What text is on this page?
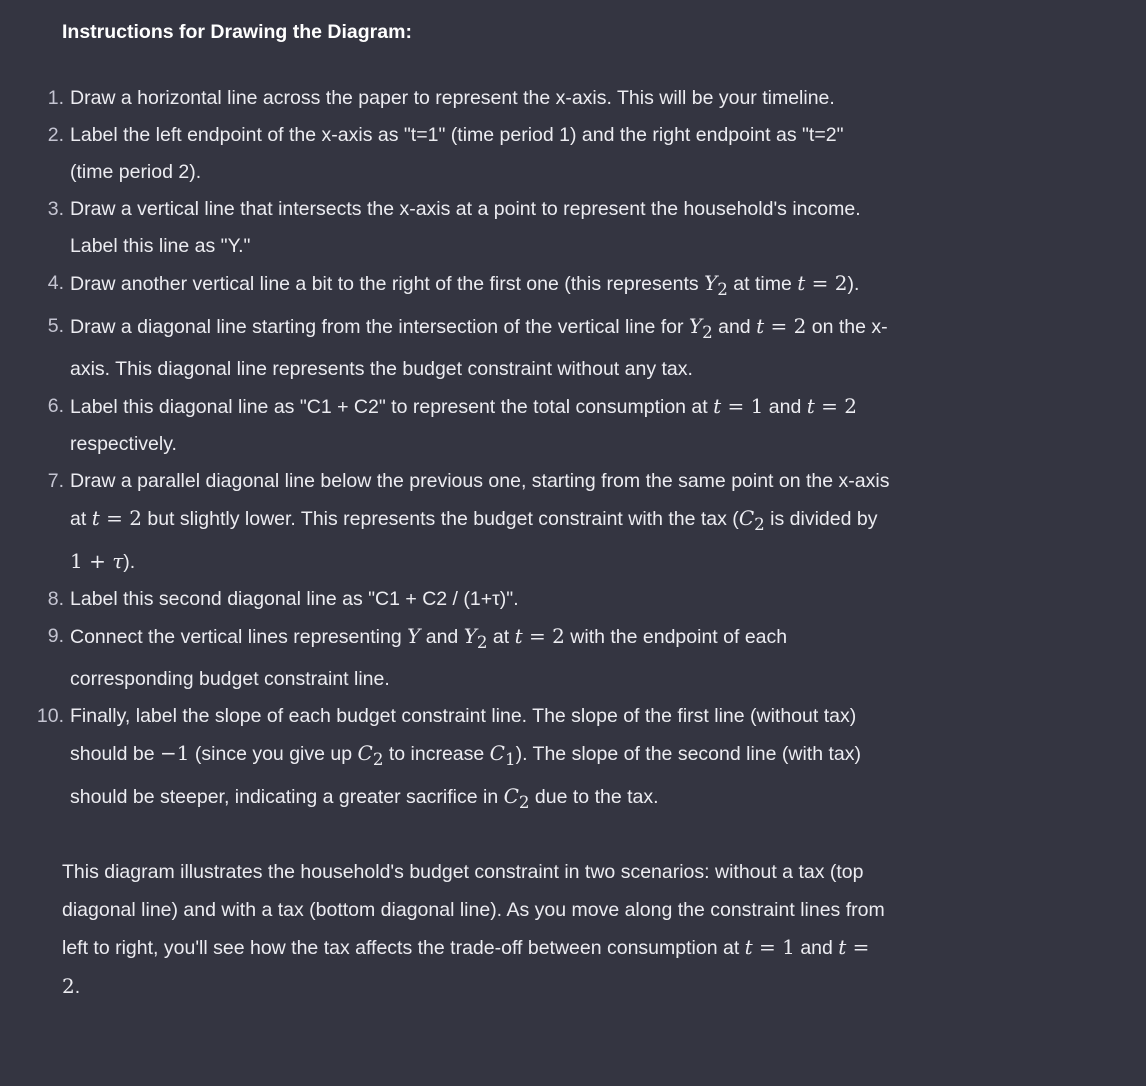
Instructions for Drawing the Diagram:
1. Draw a horizontal line across the paper to represent the x-axis. This will be your timeline.
2. Label the left endpoint of the x-axis as "t=1" (time period 1) and the right endpoint as "t=2" (time period 2).
3. Draw a vertical line that intersects the x-axis at a point to represent the household's income. Label this line as "Y."
4. Draw another vertical line a bit to the right of the first one (this represents $Y_2$ at time t = 2).
5. Draw a diagonal line starting from the intersection of the vertical line for $Y_2$ and t = 2 on the x-axis. This diagonal line represents the budget constraint without any tax.
6. Label this diagonal line as "C1 + C2" to represent the total consumption at t = 1 and t = 2 respectively.
7. Draw a parallel diagonal line below the previous one, starting from the same point on the x-axis at t = 2 but slightly lower. This represents the budget constraint with the tax ($C_2$ is divided by 1 + τ).
8. Label this second diagonal line as "C1 + C2 / (1+τ)".
9. Connect the vertical lines representing Y and $Y_2$ at t = 2 with the endpoint of each corresponding budget constraint line.
10. Finally, label the slope of each budget constraint line. The slope of the first line (without tax) should be −1 (since you give up $C_2$ to increase $C_1$). The slope of the second line (with tax) should be steeper, indicating a greater sacrifice in $C_2$ due to the tax.

This diagram illustrates the household's budget constraint in two scenarios: without a tax (top diagonal line) and with a tax (bottom diagonal line). As you move along the constraint lines from left to right, you'll see how the tax affects the trade-off between consumption at t = 1 and t = 2.
